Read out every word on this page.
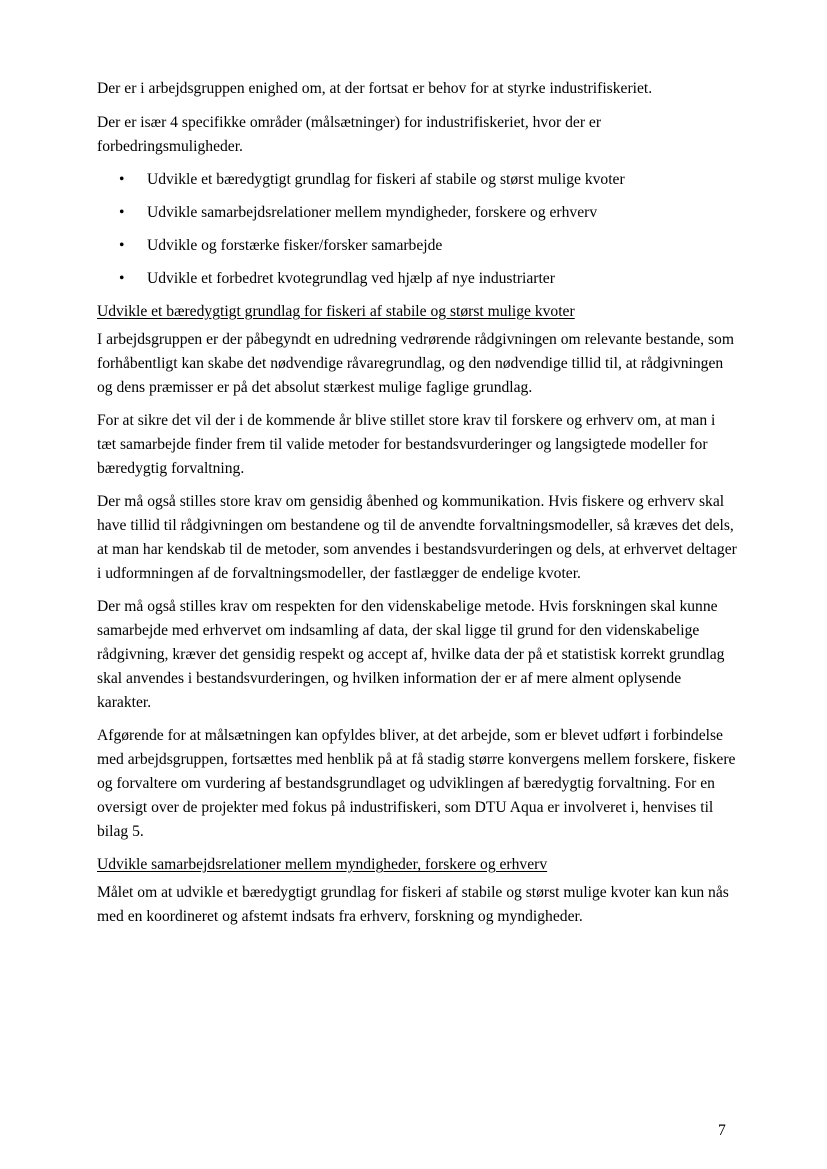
Der er i arbejdsgruppen enighed om, at der fortsat er behov for at styrke industrifiskeriet.

Der er især 4 specifikke områder (målsætninger) for industrifiskeriet, hvor der er forbedringsmuligheder.

• Udvikle et bæredygtigt grundlag for fiskeri af stabile og størst mulige kvoter
• Udvikle samarbejdsrelationer mellem myndigheder, forskere og erhverv
• Udvikle og forstærke fisker/forsker samarbejde
• Udvikle et forbedret kvotegrundlag ved hjælp af nye industriarter
Udvikle et bæredygtigt grundlag for fiskeri af stabile og størst mulige kvoter

I arbejdsgruppen er der påbegyndt en udredning vedrørende rådgivningen om relevante bestande, som forhåbentligt kan skabe det nødvendige råvaregrundlag, og den nødvendige tillid til, at rådgivningen og dens præmisser er på det absolut stærkest mulige faglige grundlag.

For at sikre det vil der i de kommende år blive stillet store krav til forskere og erhverv om, at man i tæt samarbejde finder frem til valide metoder for bestandsvurderinger og langsigtede modeller for bæredygtig forvaltning.

Der må også stilles store krav om gensidig åbenhed og kommunikation. Hvis fiskere og erhverv skal have tillid til rådgivningen om bestandene og til de anvendte forvaltningsmodeller, så kræves det dels, at man har kendskab til de metoder, som anvendes i bestandsvurderingen og dels, at erhvervet deltager i udformningen af de forvaltningsmodeller, der fastlægger de endelige kvoter.

Der må også stilles krav om respekten for den videnskabelige metode. Hvis forskningen skal kunne samarbejde med erhvervet om indsamling af data, der skal ligge til grund for den videnskabelige rådgivning, kræver det gensidig respekt og accept af, hvilke data der på et statistisk korrekt grundlag skal anvendes i bestandsvurderingen, og hvilken information der er af mere alment oplysende karakter.

Afgørende for at målsætningen kan opfyldes bliver, at det arbejde, som er blevet udført i forbindelse med arbejdsgruppen, fortsættes med henblik på at få stadig større konvergens mellem forskere, fiskere og forvaltere om vurdering af bestandsgrundlaget og udviklingen af bæredygtig forvaltning. For en oversigt over de projekter med fokus på industrifiskeri, som DTU Aqua er involveret i, henvises til bilag 5.

Udvikle samarbejdsrelationer mellem myndigheder, forskere og erhverv

Målet om at udvikle et bæredygtigt grundlag for fiskeri af stabile og størst mulige kvoter kan kun nås med en koordineret og afstemt indsats fra erhverv, forskning og myndigheder.

7
